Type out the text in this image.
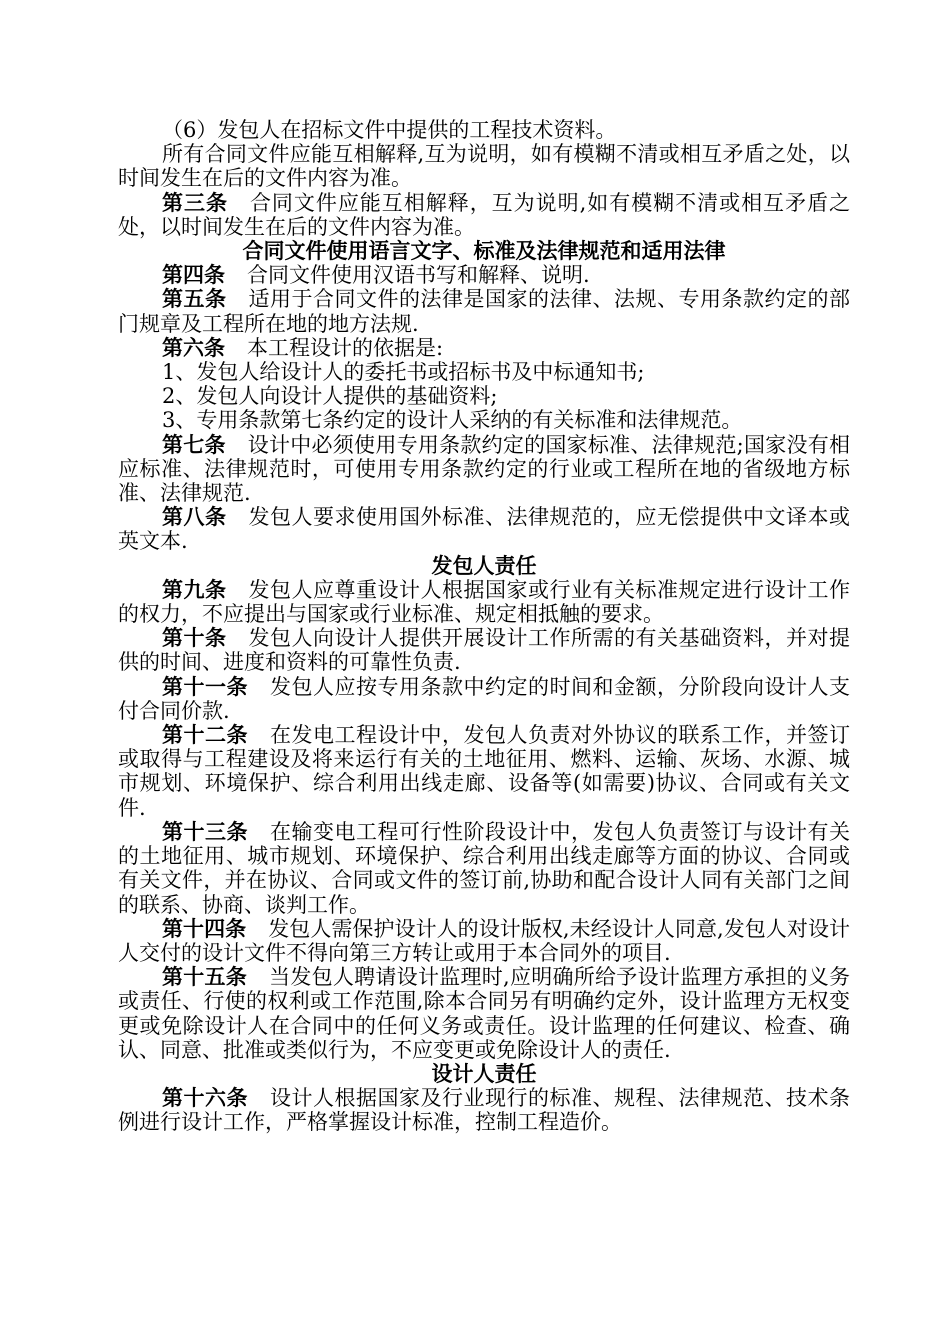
（6）发包人在招标文件中提供的工程技术资料。

所有合同文件应能互相解释,互为说明，如有模糊不清或相互矛盾之处，以时间发生在后的文件内容为准。

第三条 合同文件应能互相解释，互为说明,如有模糊不清或相互矛盾之处，以时间发生在后的文件内容为准。

合同文件使用语言文字、标准及法律规范和适用法律

第四条 合同文件使用汉语书写和解释、说明.

第五条 适用于合同文件的法律是国家的法律、法规、专用条款约定的部门规章及工程所在地的地方法规.

第六条 本工程设计的依据是:

1、发包人给设计人的委托书或招标书及中标通知书;

2、发包人向设计人提供的基础资料;

3、专用条款第七条约定的设计人采纳的有关标准和法律规范。

第七条 设计中必须使用专用条款约定的国家标准、法律规范;国家没有相应标准、法律规范时，可使用专用条款约定的行业或工程所在地的省级地方标准、法律规范.

第八条 发包人要求使用国外标准、法律规范的，应无偿提供中文译本或英文本.

发包人责任

第九条 发包人应尊重设计人根据国家或行业有关标准规定进行设计工作的权力，不应提出与国家或行业标准、规定相抵触的要求。

第十条 发包人向设计人提供开展设计工作所需的有关基础资料，并对提供的时间、进度和资料的可靠性负责.

第十一条 发包人应按专用条款中约定的时间和金额，分阶段向设计人支付合同价款.

第十二条 在发电工程设计中，发包人负责对外协议的联系工作，并签订或取得与工程建设及将来运行有关的土地征用、燃料、运输、灰场、水源、城市规划、环境保护、综合利用出线走廊、设备等(如需要)协议、合同或有关文件.

第十三条 在输变电工程可行性阶段设计中，发包人负责签订与设计有关的土地征用、城市规划、环境保护、综合利用出线走廊等方面的协议、合同或有关文件，并在协议、合同或文件的签订前,协助和配合设计人同有关部门之间的联系、协商、谈判工作。

第十四条 发包人需保护设计人的设计版权,未经设计人同意,发包人对设计人交付的设计文件不得向第三方转让或用于本合同外的项目.

第十五条 当发包人聘请设计监理时,应明确所给予设计监理方承担的义务或责任、行使的权利或工作范围,除本合同另有明确约定外，设计监理方无权变更或免除设计人在合同中的任何义务或责任。设计监理的任何建议、检查、确认、同意、批准或类似行为，不应变更或免除设计人的责任.

设计人责任

第十六条 设计人根据国家及行业现行的标准、规程、法律规范、技术条例进行设计工作，严格掌握设计标准，控制工程造价。
